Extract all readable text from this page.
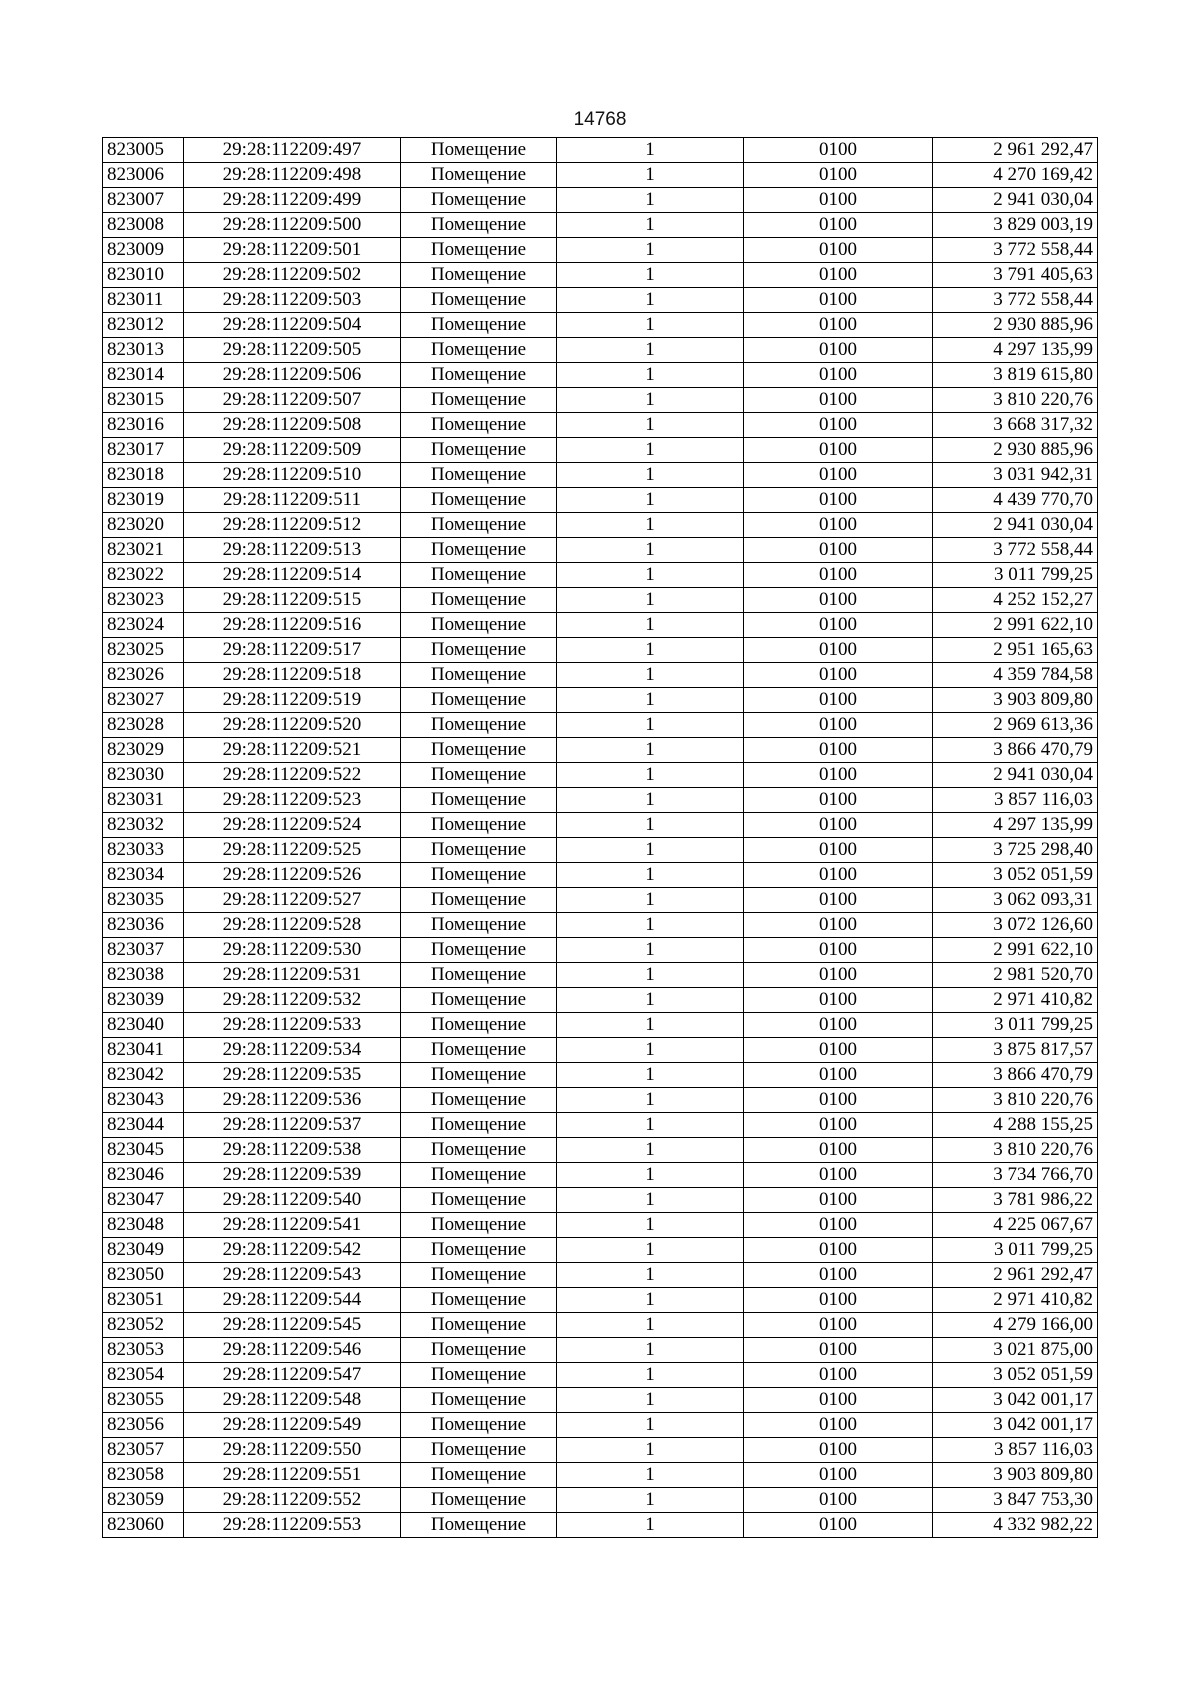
14768
823005	29:28:112209:497	Помещение	1	0100	2 961 292,47
823006	29:28:112209:498	Помещение	1	0100	4 270 169,42
823007	29:28:112209:499	Помещение	1	0100	2 941 030,04
823008	29:28:112209:500	Помещение	1	0100	3 829 003,19
823009	29:28:112209:501	Помещение	1	0100	3 772 558,44
823010	29:28:112209:502	Помещение	1	0100	3 791 405,63
823011	29:28:112209:503	Помещение	1	0100	3 772 558,44
823012	29:28:112209:504	Помещение	1	0100	2 930 885,96
823013	29:28:112209:505	Помещение	1	0100	4 297 135,99
823014	29:28:112209:506	Помещение	1	0100	3 819 615,80
823015	29:28:112209:507	Помещение	1	0100	3 810 220,76
823016	29:28:112209:508	Помещение	1	0100	3 668 317,32
823017	29:28:112209:509	Помещение	1	0100	2 930 885,96
823018	29:28:112209:510	Помещение	1	0100	3 031 942,31
823019	29:28:112209:511	Помещение	1	0100	4 439 770,70
823020	29:28:112209:512	Помещение	1	0100	2 941 030,04
823021	29:28:112209:513	Помещение	1	0100	3 772 558,44
823022	29:28:112209:514	Помещение	1	0100	3 011 799,25
823023	29:28:112209:515	Помещение	1	0100	4 252 152,27
823024	29:28:112209:516	Помещение	1	0100	2 991 622,10
823025	29:28:112209:517	Помещение	1	0100	2 951 165,63
823026	29:28:112209:518	Помещение	1	0100	4 359 784,58
823027	29:28:112209:519	Помещение	1	0100	3 903 809,80
823028	29:28:112209:520	Помещение	1	0100	2 969 613,36
823029	29:28:112209:521	Помещение	1	0100	3 866 470,79
823030	29:28:112209:522	Помещение	1	0100	2 941 030,04
823031	29:28:112209:523	Помещение	1	0100	3 857 116,03
823032	29:28:112209:524	Помещение	1	0100	4 297 135,99
823033	29:28:112209:525	Помещение	1	0100	3 725 298,40
823034	29:28:112209:526	Помещение	1	0100	3 052 051,59
823035	29:28:112209:527	Помещение	1	0100	3 062 093,31
823036	29:28:112209:528	Помещение	1	0100	3 072 126,60
823037	29:28:112209:530	Помещение	1	0100	2 991 622,10
823038	29:28:112209:531	Помещение	1	0100	2 981 520,70
823039	29:28:112209:532	Помещение	1	0100	2 971 410,82
823040	29:28:112209:533	Помещение	1	0100	3 011 799,25
823041	29:28:112209:534	Помещение	1	0100	3 875 817,57
823042	29:28:112209:535	Помещение	1	0100	3 866 470,79
823043	29:28:112209:536	Помещение	1	0100	3 810 220,76
823044	29:28:112209:537	Помещение	1	0100	4 288 155,25
823045	29:28:112209:538	Помещение	1	0100	3 810 220,76
823046	29:28:112209:539	Помещение	1	0100	3 734 766,70
823047	29:28:112209:540	Помещение	1	0100	3 781 986,22
823048	29:28:112209:541	Помещение	1	0100	4 225 067,67
823049	29:28:112209:542	Помещение	1	0100	3 011 799,25
823050	29:28:112209:543	Помещение	1	0100	2 961 292,47
823051	29:28:112209:544	Помещение	1	0100	2 971 410,82
823052	29:28:112209:545	Помещение	1	0100	4 279 166,00
823053	29:28:112209:546	Помещение	1	0100	3 021 875,00
823054	29:28:112209:547	Помещение	1	0100	3 052 051,59
823055	29:28:112209:548	Помещение	1	0100	3 042 001,17
823056	29:28:112209:549	Помещение	1	0100	3 042 001,17
823057	29:28:112209:550	Помещение	1	0100	3 857 116,03
823058	29:28:112209:551	Помещение	1	0100	3 903 809,80
823059	29:28:112209:552	Помещение	1	0100	3 847 753,30
823060	29:28:112209:553	Помещение	1	0100	4 332 982,22
